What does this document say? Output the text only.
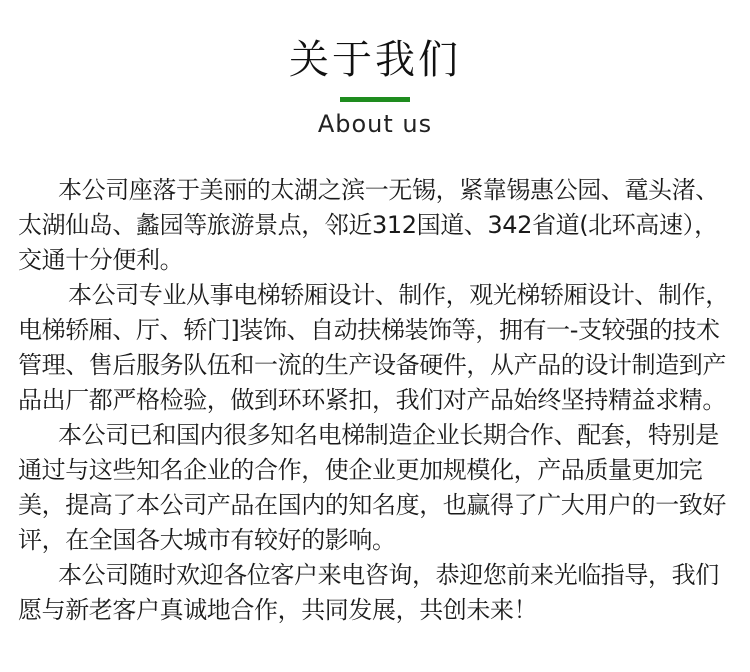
关于我们
About us

本公司座落于美丽的太湖之滨一无锡，紧靠锡惠公园、鼋头渚、太湖仙岛、蠡园等旅游景点，邻近312国道、342省道(北环高速），交通十分便利。

本公司专业从事电梯轿厢设计、制作，观光梯轿厢设计、制作，电梯轿厢、厅、轿门]装饰、自动扶梯装饰等，拥有一-支较强的技术管理、售后服务队伍和一流的生产设备硬件，从产品的设计制造到产品出厂都严格检验，做到环环紧扣，我们对产品始终坚持精益求精。

本公司已和国内很多知名电梯制造企业长期合作、配套，特别是通过与这些知名企业的合作，使企业更加规模化，产品质量更加完美，提高了本公司产品在国内的知名度，也赢得了广大用户的一致好评，在全国各大城市有较好的影响。

本公司随时欢迎各位客户来电咨询，恭迎您前来光临指导，我们愿与新老客户真诚地合作，共同发展，共创未来！
